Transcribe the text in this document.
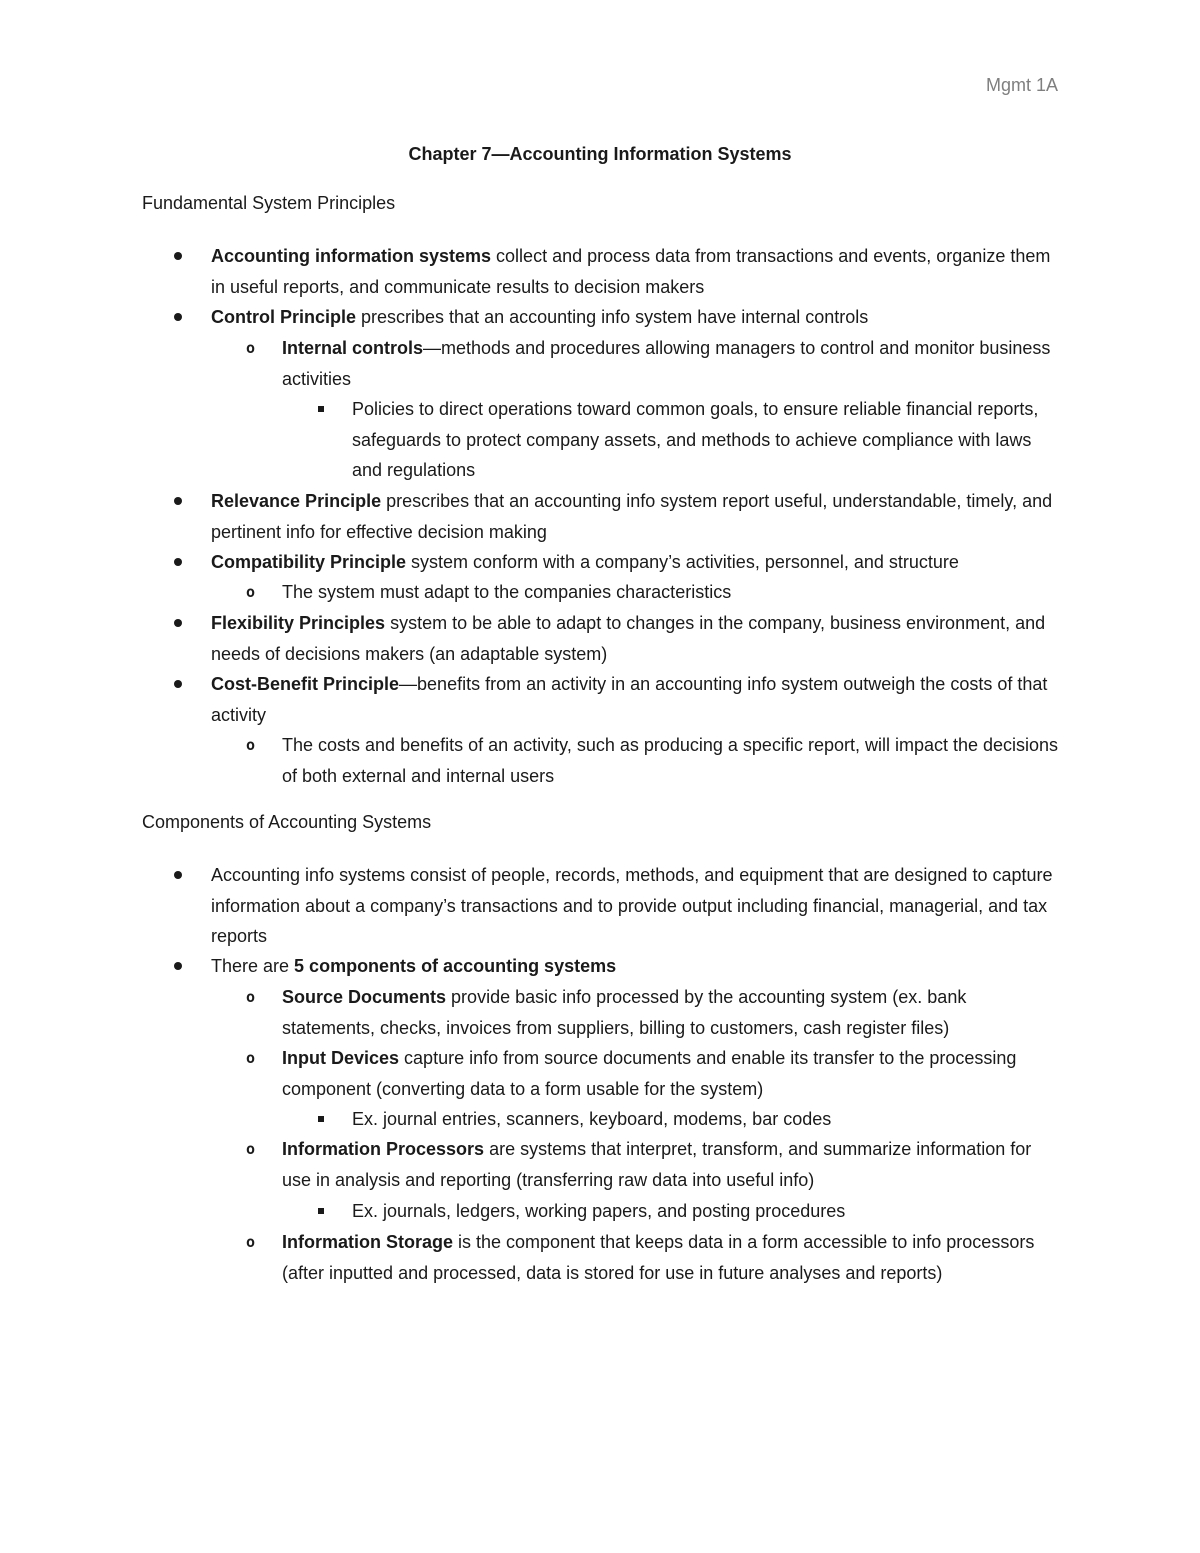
Mgmt 1A
Chapter 7—Accounting Information Systems
Fundamental System Principles
Components of Accounting Systems
Accounting information systems collect and process data from transactions and events, organize them in useful reports, and communicate results to decision makers
Control Principle prescribes that an accounting info system have internal controls
o Internal controls—methods and procedures allowing managers to control and monitor business activities
Policies to direct operations toward common goals, to ensure reliable financial reports, safeguards to protect company assets, and methods to achieve compliance with laws and regulations
Relevance Principle prescribes that an accounting info system report useful, understandable, timely, and pertinent info for effective decision making
Compatibility Principle system conform with a company’s activities, personnel, and structure
o The system must adapt to the companies characteristics
Flexibility Principles system to be able to adapt to changes in the company, business environment, and needs of decisions makers (an adaptable system)
Cost-Benefit Principle—benefits from an activity in an accounting info system outweigh the costs of that activity
o The costs and benefits of an activity, such as producing a specific report, will impact the decisions of both external and internal users
Accounting info systems consist of people, records, methods, and equipment that are designed to capture information about a company’s transactions and to provide output including financial, managerial, and tax reports
There are 5 components of accounting systems
o Source Documents provide basic info processed by the accounting system (ex. bank statements, checks, invoices from suppliers, billing to customers, cash register files)
o Input Devices capture info from source documents and enable its transfer to the processing component (converting data to a form usable for the system)
Ex. journal entries, scanners, keyboard, modems, bar codes
o Information Processors are systems that interpret, transform, and summarize information for use in analysis and reporting (transferring raw data into useful info)
Ex. journals, ledgers, working papers, and posting procedures
o Information Storage is the component that keeps data in a form accessible to info processors (after inputted and processed, data is stored for use in future analyses and reports)
